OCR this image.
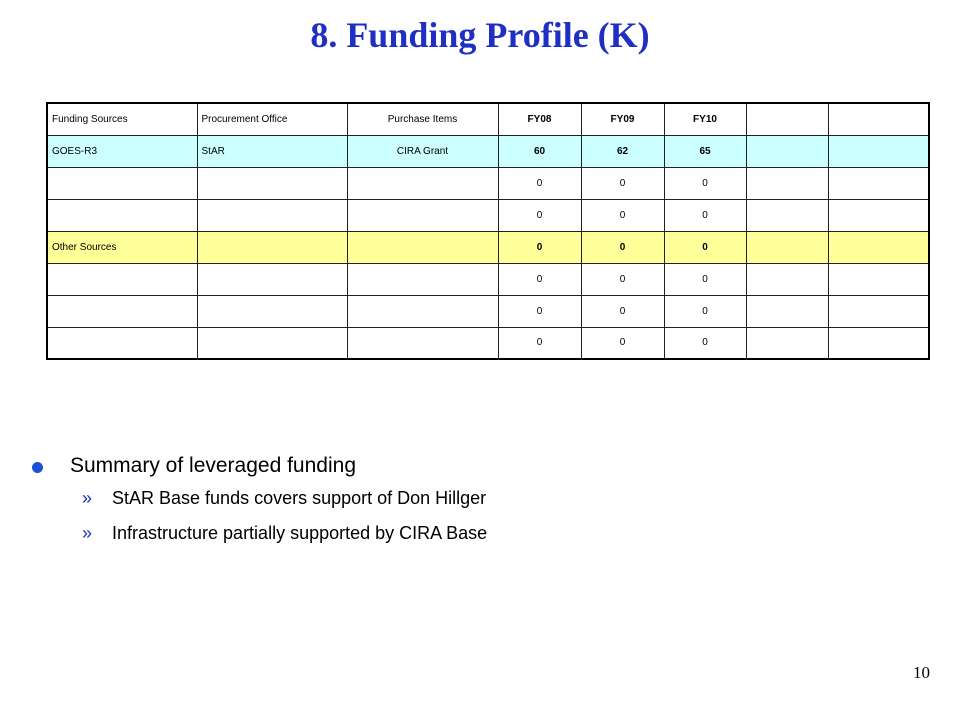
8. Funding Profile (K)
Funding Sources	Procurement Office	Purchase Items	FY08	FY09	FY10		
GOES-R3	StAR	CIRA Grant	60	62	65		
			0	0	0		
			0	0	0		
Other Sources			0	0	0		
			0	0	0		
			0	0	0		
			0	0	0		
Summary of leveraged funding
» StAR Base funds covers support of Don Hillger
» Infrastructure partially supported by CIRA Base
10
